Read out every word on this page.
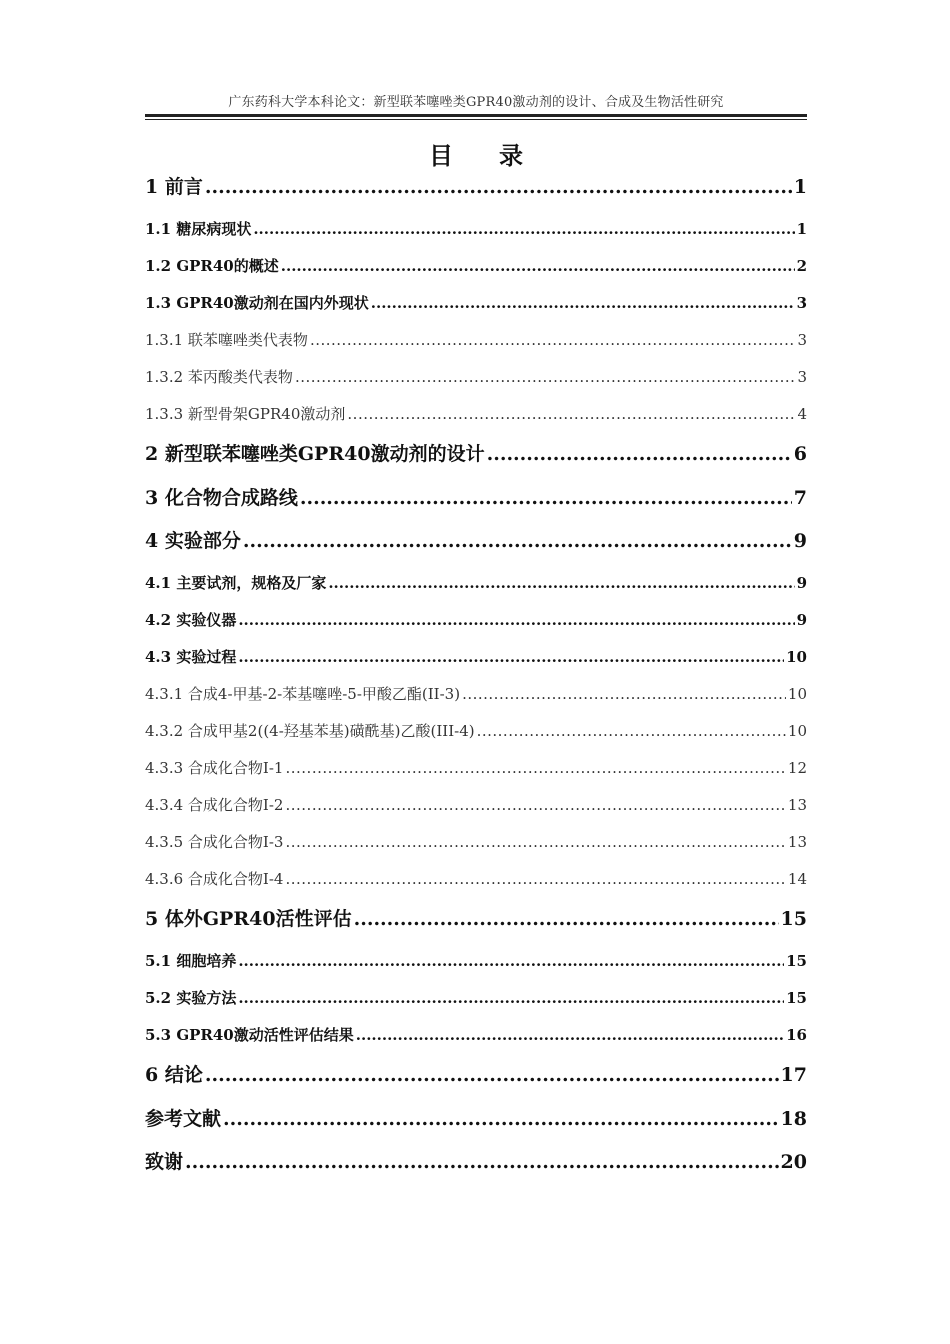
广东药科大学本科论文：新型联苯噻唑类GPR40激动剂的设计、合成及生物活性研究
目 录
1 前言 .....	1
1.1 糖尿病现状 .....	1
1.2 GPR40的概述 .....	2
1.3 GPR40激动剂在国内外现状 .....	3
1.3.1 联苯噻唑类代表物 .....	3
1.3.2 苯丙酸类代表物 .....	3
1.3.3 新型骨架GPR40激动剂 .....	4
2 新型联苯噻唑类GPR40激动剂的设计 .....	6
3 化合物合成路线 .....	7
4 实验部分 .....	9
4.1 主要试剂，规格及厂家 .....	9
4.2 实验仪器 .....	9
4.3 实验过程 .....	10
4.3.1 合成4-甲基-2-苯基噻唑-5-甲酸乙酯(II-3) .....	10
4.3.2 合成甲基2((4-羟基苯基)磺酰基)乙酸(III-4) .....	10
4.3.3 合成化合物I-1 .....	12
4.3.4 合成化合物I-2 .....	13
4.3.5 合成化合物I-3 .....	13
4.3.6 合成化合物I-4 .....	14
5 体外GPR40活性评估 .....	15
5.1 细胞培养 .....	15
5.2 实验方法 .....	15
5.3 GPR40激动活性评估结果 .....	16
6 结论 .....	17
参考文献 .....	18
致谢 .....	20
